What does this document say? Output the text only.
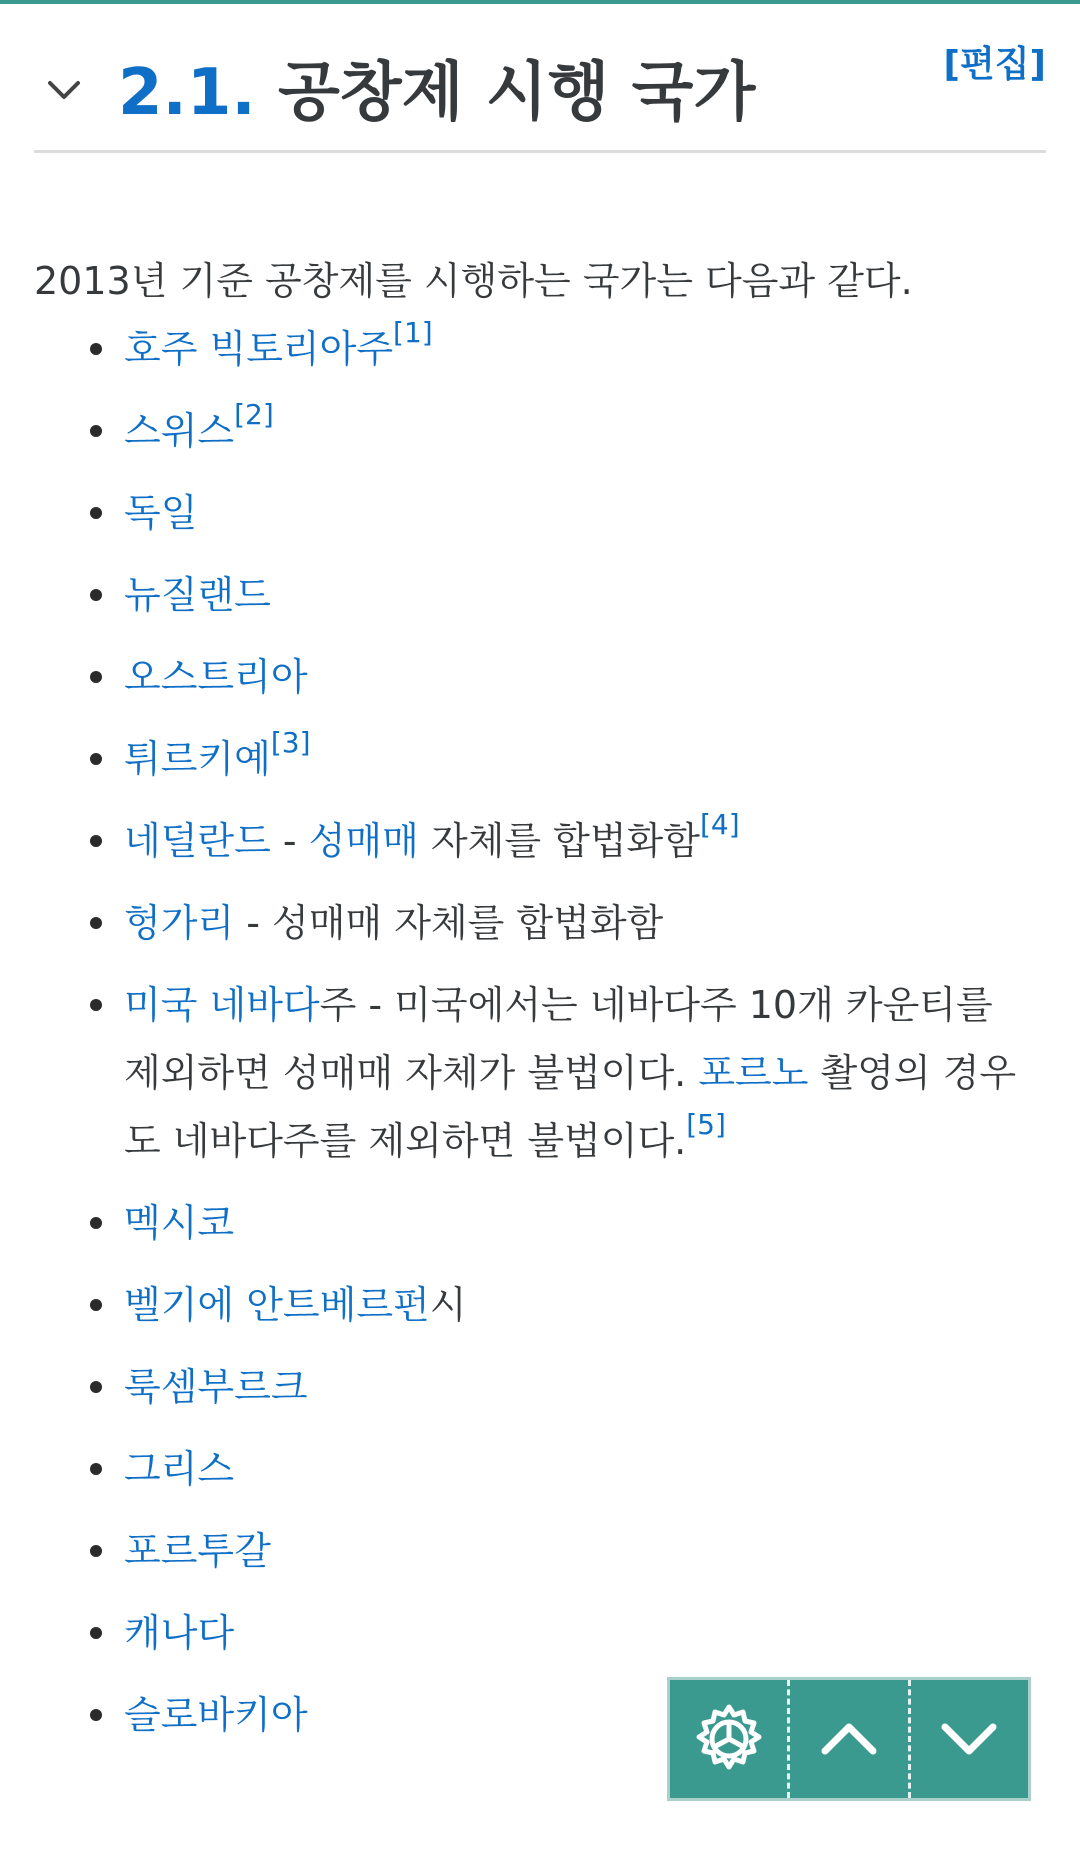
2.1. 공창제 시행 국가	[편집]

2013년 기준 공창제를 시행하는 국가는 다음과 같다.

호주 빅토리아주[1]
스위스[2]
독일
뉴질랜드
오스트리아
튀르키예[3]
네덜란드 - 성매매 자체를 합법화함[4]
헝가리 - 성매매 자체를 합법화함
미국 네바다주 - 미국에서는 네바다주 10개 카운티를 제외하면 성매매 자체가 불법이다. 포르노 촬영의 경우도 네바다주를 제외하면 불법이다.[5]
멕시코
벨기에 안트베르펀시
룩셈부르크
그리스
포르투갈
캐나다
슬로바키아
